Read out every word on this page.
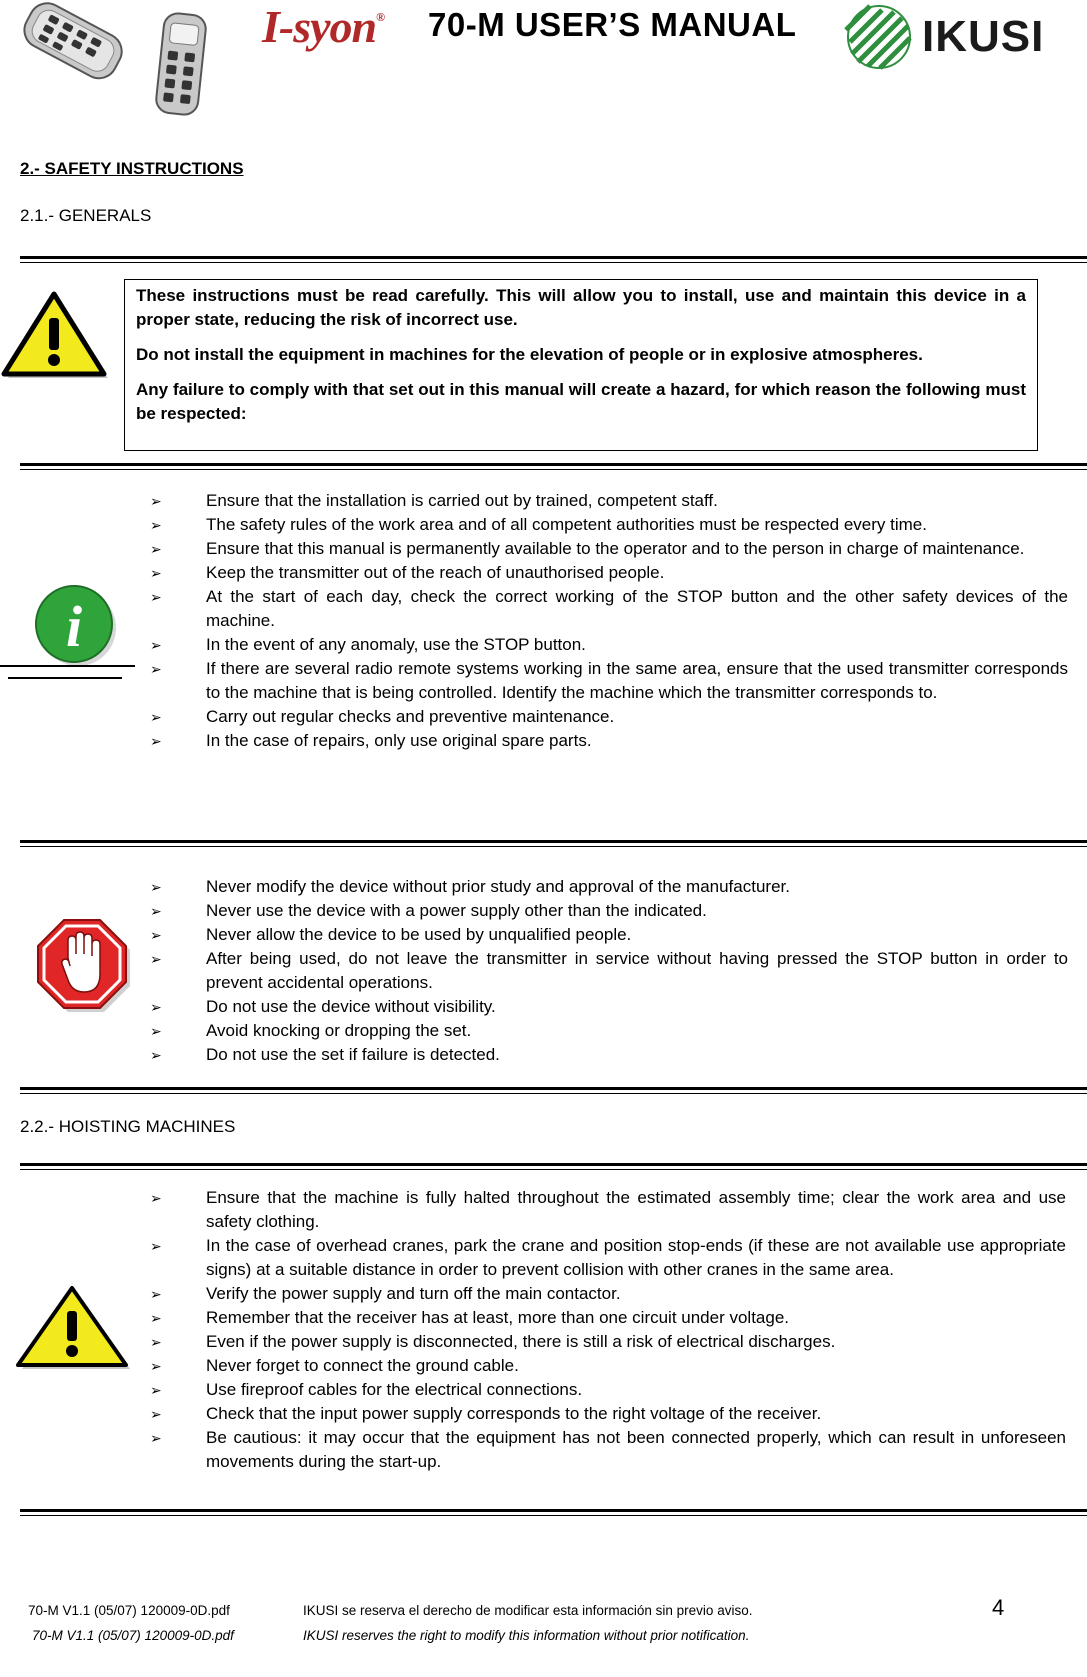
I-syon® 70-M USER’S MANUAL	IKUSI
2.- SAFETY INSTRUCTIONS
2.1.- GENERALS

These instructions must be read carefully. This will allow you to install, use and maintain this device in a proper state, reducing the risk of incorrect use.

Do not install the equipment in machines for the elevation of people or in explosive atmospheres.

Any failure to comply with that set out in this manual will create a hazard, for which reason the following must be respected:

i
➢	Ensure that the installation is carried out by trained, competent staff.
➢	The safety rules of the work area and of all competent authorities must be respected every time.
➢	Ensure that this manual is permanently available to the operator and to the person in charge of maintenance.
➢	Keep the transmitter out of the reach of unauthorised people.
➢	At the start of each day, check the correct working of the STOP button and the other safety devices of the machine.
➢	In the event of any anomaly, use the STOP button.
➢	If there are several radio remote systems working in the same area, ensure that the used transmitter corresponds to the machine that is being controlled. Identify the machine which the transmitter corresponds to.
➢	Carry out regular checks and preventive maintenance.
➢	In the case of repairs, only use original spare parts.
➢	Never modify the device without prior study and approval of the manufacturer.
➢	Never use the device with a power supply other than the indicated.
➢	Never allow the device to be used by unqualified people.
➢	After being used, do not leave the transmitter in service without having pressed the STOP button in order to prevent accidental operations.
➢	Do not use the device without visibility.
➢	Avoid knocking or dropping the set.
➢	Do not use the set if failure is detected.
2.2.- HOISTING MACHINES
➢	Ensure that the machine is fully halted throughout the estimated assembly time; clear the work area and use safety clothing.
➢	In the case of overhead cranes, park the crane and position stop-ends (if these are not available use appropriate signs) at a suitable distance in order to prevent collision with other cranes in the same area.
➢	Verify the power supply and turn off the main contactor.
➢	Remember that the receiver has at least, more than one circuit under voltage.
➢	Even if the power supply is disconnected, there is still a risk of electrical discharges.
➢	Never forget to connect the ground cable.
➢	Use fireproof cables for the electrical connections.
➢	Check that the input power supply corresponds to the right voltage of the receiver.
➢	Be cautious: it may occur that the equipment has not been connected properly, which can result in unforeseen movements during the start-up.
70-M V1.1 (05/07) 120009-0D.pdf	IKUSI se reserva el derecho de modificar esta información sin previo aviso.
70-M V1.1 (05/07) 120009-0D.pdf	IKUSI reserves the right to modify this information without prior notification.
4
